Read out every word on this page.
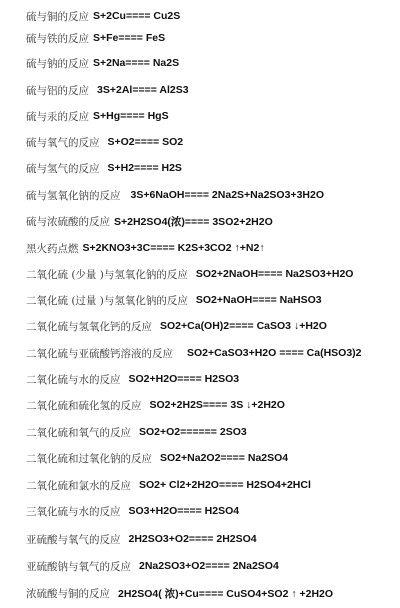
硫与铜的反应 S+2Cu==== Cu2S
硫与铁的反应 S+Fe==== FeS
硫与钠的反应 S+2Na==== Na2S
硫与铝的反应 3S+2Al==== Al2S3
硫与汞的反应 S+Hg==== HgS
硫与氧气的反应 S+O2==== SO2
硫与氢气的反应 S+H2==== H2S
硫与氢氧化钠的反应 3S+6NaOH==== 2Na2S+Na2SO3+3H2O
硫与浓硫酸的反应 S+2H2SO4(浓)==== 3SO2+2H2O
黑火药点燃 S+2KNO3+3C==== K2S+3CO2 ↑+N2↑
二氧化硫 (少量 )与氢氧化钠的反应 SO2+2NaOH==== Na2SO3+H2O
二氧化硫 (过量 )与氢氧化钠的反应 SO2+NaOH==== NaHSO3
二氧化硫与氢氧化钙的反应 SO2+Ca(OH)2==== CaSO3 ↓+H2O
二氧化硫与亚硫酸钙溶液的反应 SO2+CaSO3+H2O ==== Ca(HSO3)2
二氧化硫与水的反应 SO2+H2O==== H2SO3
二氧化硫和硫化氢的反应 SO2+2H2S==== 3S ↓+2H2O
二氧化硫和氧气的反应 SO2+O2====== 2SO3
二氧化硫和过氧化钠的反应 SO2+Na2O2==== Na2SO4
二氧化硫和氯水的反应 SO2+ Cl2+2H2O==== H2SO4+2HCl
三氧化硫与水的反应 SO3+H2O==== H2SO4
亚硫酸与氧气的反应 2H2SO3+O2==== 2H2SO4
亚硫酸钠与氧气的反应 2Na2SO3+O2==== 2Na2SO4
浓硫酸与铜的反应 2H2SO4( 浓)+Cu==== CuSO4+SO2 ↑ +2H2O
